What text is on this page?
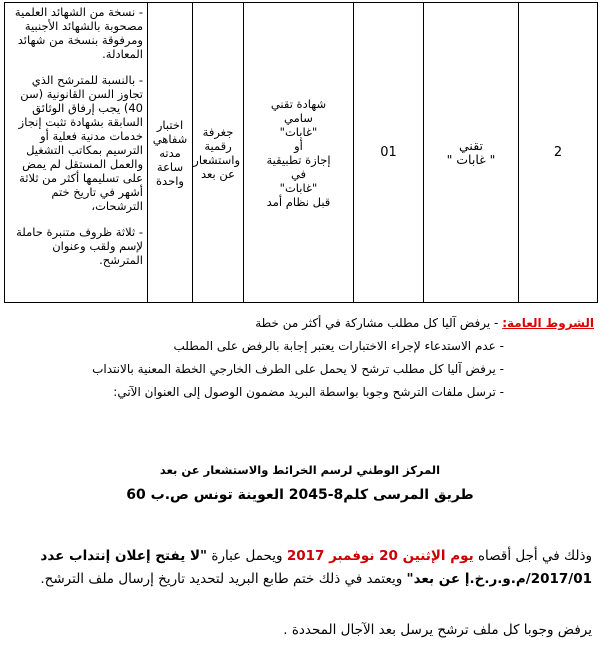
- نسخة من الشهائد العلمية مصحوبة بالشهائد الأجنبية ومرفوقة بنسخة من شهائد المعادلة.

- بالنسبة للمترشح الذي تجاوز السن القانونية (سن 40) يجب إرفاق الوثائق السابقة بشهادة تثبت إنجاز خدمات مدنية فعلية أو الترسيم بمكاتب التشغيل والعمل المستقل لم يمض على تسليمها أكثر من ثلاثة أشهر في تاريخ ختم الترشحات،

- ثلاثة ظروف متنبرة حاملة لإسم ولقب وعنوان المترشح.

	اختبار
شفاهي
مدته ساعة
واحدة	جغرفة
رقمية
واستشعار
عن بعد	شهادة تقني
سامي
"غابات"
أو
إجازة تطبيقية
في
"غابات"
قبل نظام أمد	01	تقني
" غابات "	2
الشروط العامة: - يرفض آليا كل مطلب مشاركة في أكثر من خطة
- عدم الاستدعاء لإجراء الاختبارات يعتبر إجابة بالرفض على المطلب
- يرفض آليا كل مطلب ترشح لا يحمل على الطرف الخارجي الخطة المعنية بالانتداب
- ترسل ملفات الترشح وجوبا بواسطة البريد مضمون الوصول إلى العنوان الآتي:
المركز الوطني لرسم الخرائط والاستشعار عن بعد
طريق المرسى كلم8-2045 العوينة تونس ص.ب 60
وذلك في أجل أقصاه يوم الإثنين 20 نوفمبر 2017 ويحمل عبارة "لا يفتح إعلان إنتداب عدد 2017/01/م.و.ر.خ.إ عن بعد" ويعتمد في ذلك ختم طابع البريد لتحديد تاريخ إرسال ملف الترشح.
يرفض وجوبا كل ملف ترشح يرسل بعد الآجال المحددة .
